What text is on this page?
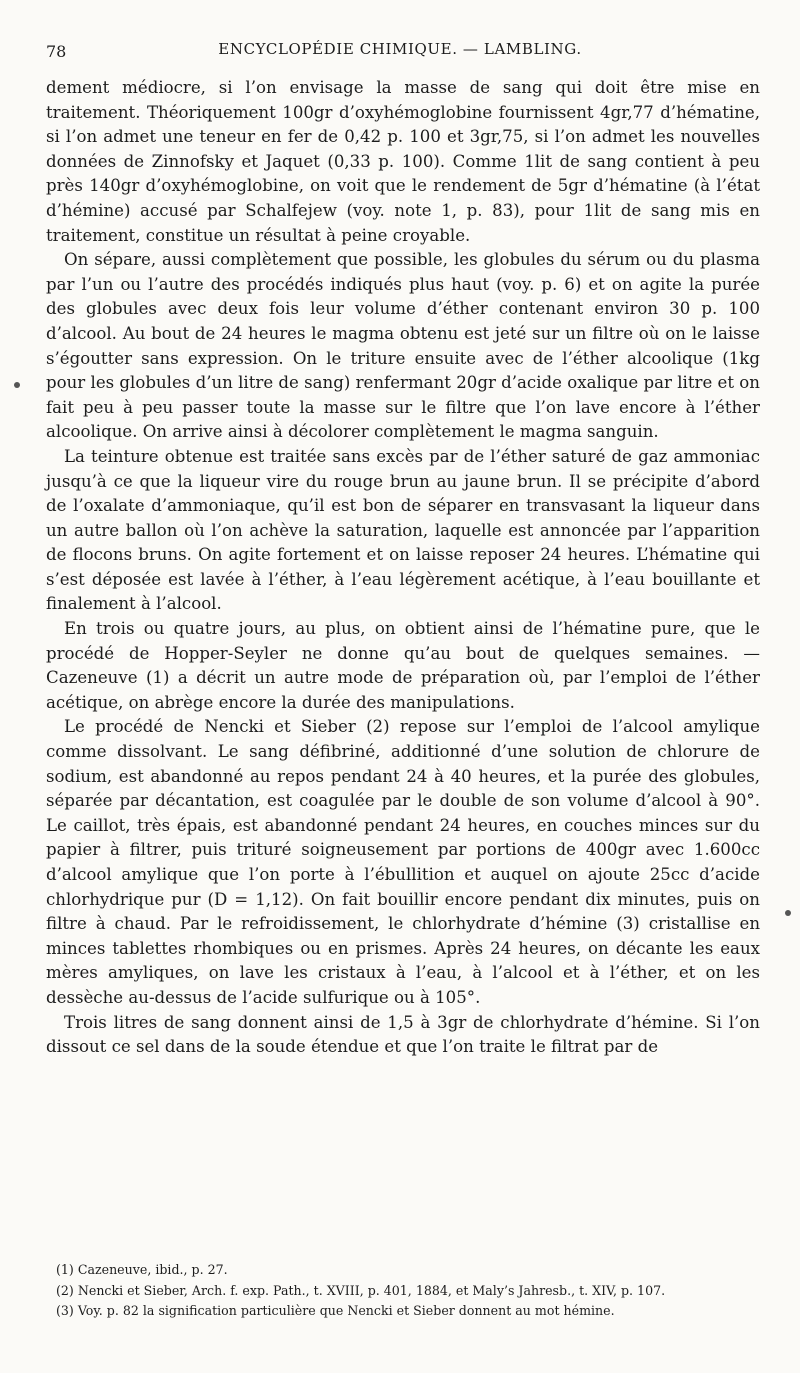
78	ENCYCLOPÉDIE CHIMIQUE. — LAMBLING.

dement médiocre, si l’on envisage la masse de sang qui doit être mise en traitement. Théoriquement 100gr d’oxyhémoglobine fournissent 4gr,77 d’hématine, si l’on admet une teneur en fer de 0,42 p. 100 et 3gr,75, si l’on admet les nouvelles données de Zinnofsky et Jaquet (0,33 p. 100). Comme 1lit de sang contient à peu près 140gr d’oxyhémoglobine, on voit que le rendement de 5gr d’hématine (à l’état d’hémine) accusé par Schalfejew (voy. note 1, p. 83), pour 1lit de sang mis en traitement, constitue un résultat à peine croyable.

On sépare, aussi complètement que possible, les globules du sérum ou du plasma par l’un ou l’autre des procédés indiqués plus haut (voy. p. 6) et on agite la purée des globules avec deux fois leur volume d’éther contenant environ 30 p. 100 d’alcool. Au bout de 24 heures le magma obtenu est jeté sur un filtre où on le laisse s’égoutter sans expression. On le triture ensuite avec de l’éther alcoolique (1kg pour les globules d’un litre de sang) renfermant 20gr d’acide oxalique par litre et on fait peu à peu passer toute la masse sur le filtre que l’on lave encore à l’éther alcoolique. On arrive ainsi à décolorer complètement le magma sanguin.

La teinture obtenue est traitée sans excès par de l’éther saturé de gaz ammoniac jusqu’à ce que la liqueur vire du rouge brun au jaune brun. Il se précipite d’abord de l’oxalate d’ammoniaque, qu’il est bon de séparer en transvasant la liqueur dans un autre ballon où l’on achève la saturation, laquelle est annoncée par l’apparition de flocons bruns. On agite fortement et on laisse reposer 24 heures. L’hématine qui s’est déposée est lavée à l’éther, à l’eau légèrement acétique, à l’eau bouillante et finalement à l’alcool.

En trois ou quatre jours, au plus, on obtient ainsi de l’hématine pure, que le procédé de Hopper-Seyler ne donne qu’au bout de quelques semaines. — Cazeneuve (1) a décrit un autre mode de préparation où, par l’emploi de l’éther acétique, on abrège encore la durée des manipulations.

Le procédé de Nencki et Sieber (2) repose sur l’emploi de l’alcool amylique comme dissolvant. Le sang défibriné, additionné d’une solution de chlorure de sodium, est abandonné au repos pendant 24 à 40 heures, et la purée des globules, séparée par décantation, est coagulée par le double de son volume d’alcool à 90°. Le caillot, très épais, est abandonné pendant 24 heures, en couches minces sur du papier à filtrer, puis trituré soigneusement par portions de 400gr avec 1.600cc d’alcool amylique que l’on porte à l’ébullition et auquel on ajoute 25cc d’acide chlorhydrique pur (D = 1,12). On fait bouillir encore pendant dix minutes, puis on filtre à chaud. Par le refroidissement, le chlorhydrate d’hémine (3) cristallise en minces tablettes rhombiques ou en prismes. Après 24 heures, on décante les eaux mères amyliques, on lave les cristaux à l’eau, à l’alcool et à l’éther, et on les dessèche au-dessus de l’acide sulfurique ou à 105°.

Trois litres de sang donnent ainsi de 1,5 à 3gr de chlorhydrate d’hémine. Si l’on dissout ce sel dans de la soude étendue et que l’on traite le filtrat par de

(1) Cazeneuve, ibid., p. 27.

(2) Nencki et Sieber, Arch. f. exp. Path., t. XVIII, p. 401, 1884, et Maly’s Jahresb., t. XIV, p. 107.

(3) Voy. p. 82 la signification particulière que Nencki et Sieber donnent au mot hémine.
